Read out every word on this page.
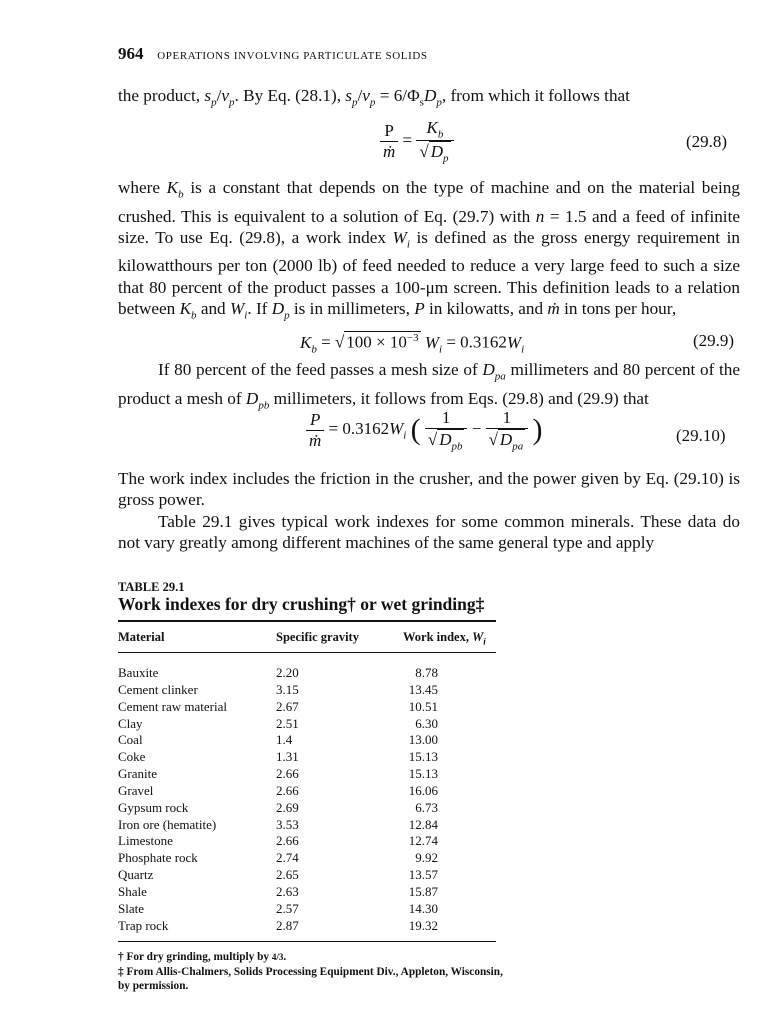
964 OPERATIONS INVOLVING PARTICULATE SOLIDS
the product, $s_p/v_p$. By Eq. (28.1), $s_p/v_p = 6/\Phi_sD_p$, from which it follows that
$\frac{P}{\text{ṁ}} = \frac{K_b}{√ D_p}$	(29.8)
where $K_b$ is a constant that depends on the type of machine and on the material being crushed. This is equivalent to a solution of Eq. (29.7) with n = 1.5 and a feed of infinite size. To use Eq. (29.8), a work index $W_i$ is defined as the gross energy requirement in kilowatthours per ton (2000 lb) of feed needed to reduce a very large feed to such a size that 80 percent of the product passes a 100-μm screen. This definition leads to a relation between $K_b$ and $W_i$. If $D_p$ is in millimeters, P in kilowatts, and ṁ in tons per hour,
$K_b$ = √ $100 \times 10^{-3}$ $W_i = 0.3162W_i$	(29.9)
If 80 percent of the feed passes a mesh size of $D_{pa}$ millimeters and 80 percent of the product a mesh of $D_{pb}$ millimeters, it follows from Eqs. (29.8) and (29.9) that
$\frac{P}{\text{ṁ}} = 0.3162W_i$ ( $\frac{1}{√ D_{pb}} - \frac{1}{√ D_{pa}}$ )	(29.10)
The work index includes the friction in the crusher, and the power given by Eq. (29.10) is gross power.
Table 29.1 gives typical work indexes for some common minerals. These data do not vary greatly among different machines of the same general type and apply
TABLE 29.1
Work indexes for dry crushing† or wet grinding‡
Material	Specific gravity	Work index, $W_i$
Bauxite	2.20	8.78
Cement clinker	3.15	13.45
Cement raw material	2.67	10.51
Clay	2.51	6.30
Coal	1.4	13.00
Coke	1.31	15.13
Granite	2.66	15.13
Gravel	2.66	16.06
Gypsum rock	2.69	6.73
Iron ore (hematite)	3.53	12.84
Limestone	2.66	12.74
Phosphate rock	2.74	9.92
Quartz	2.65	13.57
Shale	2.63	15.87
Slate	2.57	14.30
Trap rock	2.87	19.32
† For dry grinding, multiply by 4/3.
‡ From Allis-Chalmers, Solids Processing Equipment Div., Appleton, Wisconsin, by permission.
